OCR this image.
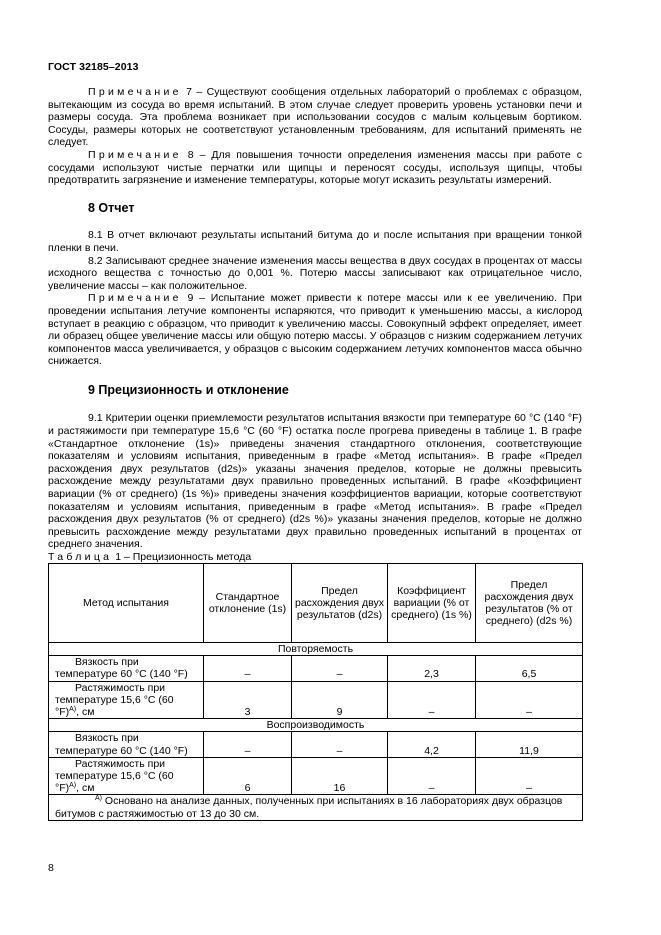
ГОСТ 32185–2013

Примечание 7 – Существуют сообщения отдельных лабораторий о проблемах с образцом, вытекающим из сосуда во время испытаний. В этом случае следует проверить уровень установки печи и размеры сосуда. Эта проблема возникает при использовании сосудов с малым кольцевым бортиком. Сосуды, размеры которых не соответствуют установленным требованиям, для испытаний применять не следует.

Примечание 8 – Для повышения точности определения изменения массы при работе с сосудами используют чистые перчатки или щипцы и переносят сосуды, используя щипцы, чтобы предотвратить загрязнение и изменение температуры, которые могут исказить результаты измерений.

8 Отчет

8.1 В отчет включают результаты испытаний битума до и после испытания при вращении тонкой пленки в печи.

8.2 Записывают среднее значение изменения массы вещества в двух сосудах в процентах от массы исходного вещества с точностью до 0,001 %. Потерю массы записывают как отрицательное число, увеличение массы – как положительное.

Примечание 9 – Испытание может привести к потере массы или к ее увеличению. При проведении испытания летучие компоненты испаряются, что приводит к уменьшению массы, а кислород вступает в реакцию с образцом, что приводит к увеличению массы. Совокупный эффект определяет, имеет ли образец общее увеличение массы или общую потерю массы. У образцов с низким содержанием летучих компонентов масса увеличивается, у образцов с высоким содержанием летучих компонентов масса обычно снижается.

9 Прецизионность и отклонение

9.1 Критерии оценки приемлемости результатов испытания вязкости при температуре 60 °С (140 °F) и растяжимости при температуре 15,6 °С (60 °F) остатка после прогрева приведены в таблице 1. В графе «Стандартное отклонение (1s)» приведены значения стандартного отклонения, соответствующие показателям и условиям испытания, приведенным в графе «Метод испытания». В графе «Предел расхождения двух результатов (d2s)» указаны значения пределов, которые не должны превысить расхождение между результатами двух правильно проведенных испытаний. В графе «Коэффициент вариации (% от среднего) (1s %)» приведены значения коэффициентов вариации, которые соответствуют показателям и условиям испытания, приведенным в графе «Метод испытания». В графе «Предел расхождения двух результатов (% от среднего) (d2s %)» указаны значения пределов, которые не должно превысить расхождение между результатами двух правильно проведенных испытаний в процентах от среднего значения.

Таблица 1 – Прецизионность метода
Метод испытания	Стандартное отклонение (1s)	Предел расхождения двух результатов (d2s)	Коэффициент вариации (% от среднего) (1s %)	Предел расхождения двух результатов (% от среднего) (d2s %)
Повторяемость				
Вязкость при температуре 60 °С (140 °F)	–	–	2,3	6,5
Растяжимость при температуре 15,6 °С (60 °F)$^{А)}$, см	3	9	–	–
Воспроизводимость				
Вязкость при температуре 60 °С (140 °F)	–	–	4,2	11,9
Растяжимость при температуре 15,6 °С (60 °F)$^{А)}$, см	6	16	–	–
$^{А)}$ Основано на анализе данных, полученных при испытаниях в 16 лабораториях двух образцов битумов с растяжимостью от 13 до 30 см.				
8
